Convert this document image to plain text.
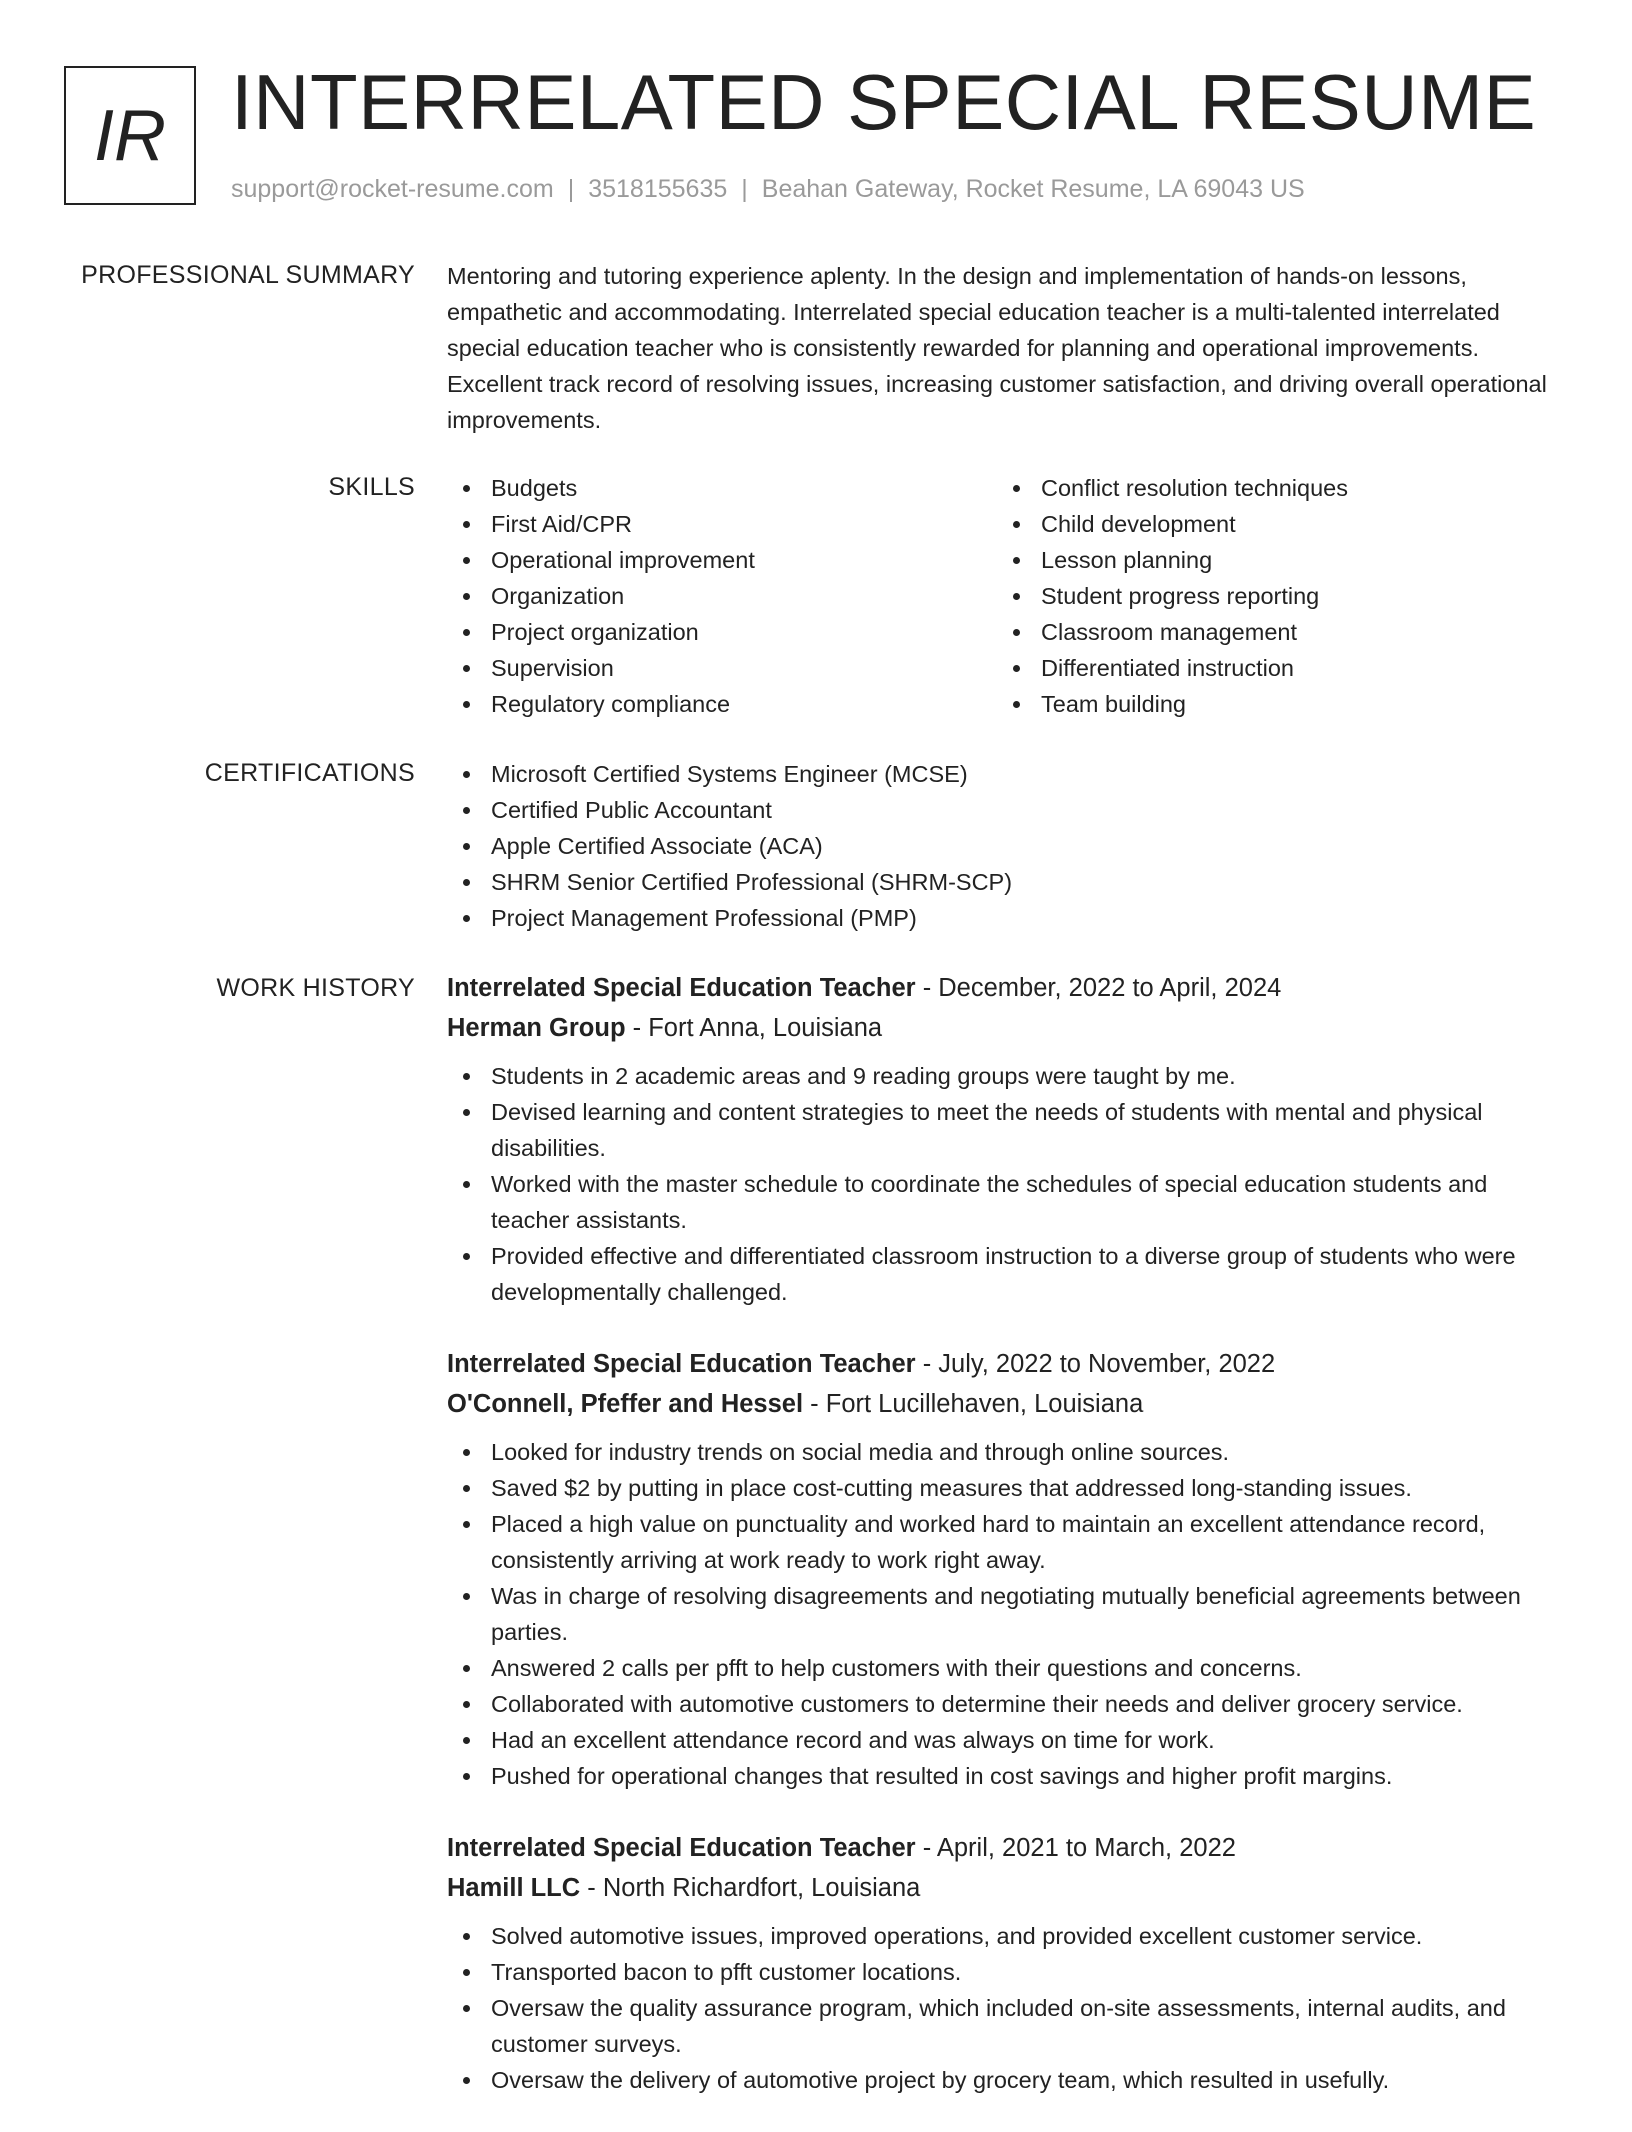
IR INTERRELATED SPECIAL RESUME
support@rocket-resume.com | 3518155635 | Beahan Gateway, Rocket Resume, LA 69043 US
PROFESSIONAL SUMMARY Mentoring and tutoring experience aplenty. In the design and implementation of hands-on lessons, empathetic and accommodating. Interrelated special education teacher is a multi-talented interrelated special education teacher who is consistently rewarded for planning and operational improvements. Excellent track record of resolving issues, increasing customer satisfaction, and driving overall operational improvements.

SKILLS	Budgets
First Aid/CPR
Operational improvement
Organization
Project organization
Supervision
Regulatory compliance
Conflict resolution techniques
Child development
Lesson planning
Student progress reporting
Classroom management
Differentiated instruction
Team building
CERTIFICATIONS	Microsoft Certified Systems Engineer (MCSE)
Certified Public Accountant
Apple Certified Associate (ACA)
SHRM Senior Certified Professional (SHRM-SCP)
Project Management Professional (PMP)
WORK HISTORY Interrelated Special Education Teacher - December, 2022 to April, 2024
Herman Group - Fort Anna, Louisiana
Students in 2 academic areas and 9 reading groups were taught by me.
Devised learning and content strategies to meet the needs of students with mental and physical disabilities.
Worked with the master schedule to coordinate the schedules of special education students and teacher assistants.
Provided effective and differentiated classroom instruction to a diverse group of students who were developmentally challenged.
Interrelated Special Education Teacher - July, 2022 to November, 2022
O'Connell, Pfeffer and Hessel - Fort Lucillehaven, Louisiana
Looked for industry trends on social media and through online sources.
Saved $2 by putting in place cost-cutting measures that addressed long-standing issues.
Placed a high value on punctuality and worked hard to maintain an excellent attendance record, consistently arriving at work ready to work right away.
Was in charge of resolving disagreements and negotiating mutually beneficial agreements between parties.
Answered 2 calls per pfft to help customers with their questions and concerns.
Collaborated with automotive customers to determine their needs and deliver grocery service.
Had an excellent attendance record and was always on time for work.
Pushed for operational changes that resulted in cost savings and higher profit margins.
Interrelated Special Education Teacher - April, 2021 to March, 2022
Hamill LLC - North Richardfort, Louisiana
Solved automotive issues, improved operations, and provided excellent customer service.
Transported bacon to pfft customer locations.
Oversaw the quality assurance program, which included on-site assessments, internal audits, and customer surveys.
Oversaw the delivery of automotive project by grocery team, which resulted in usefully.
